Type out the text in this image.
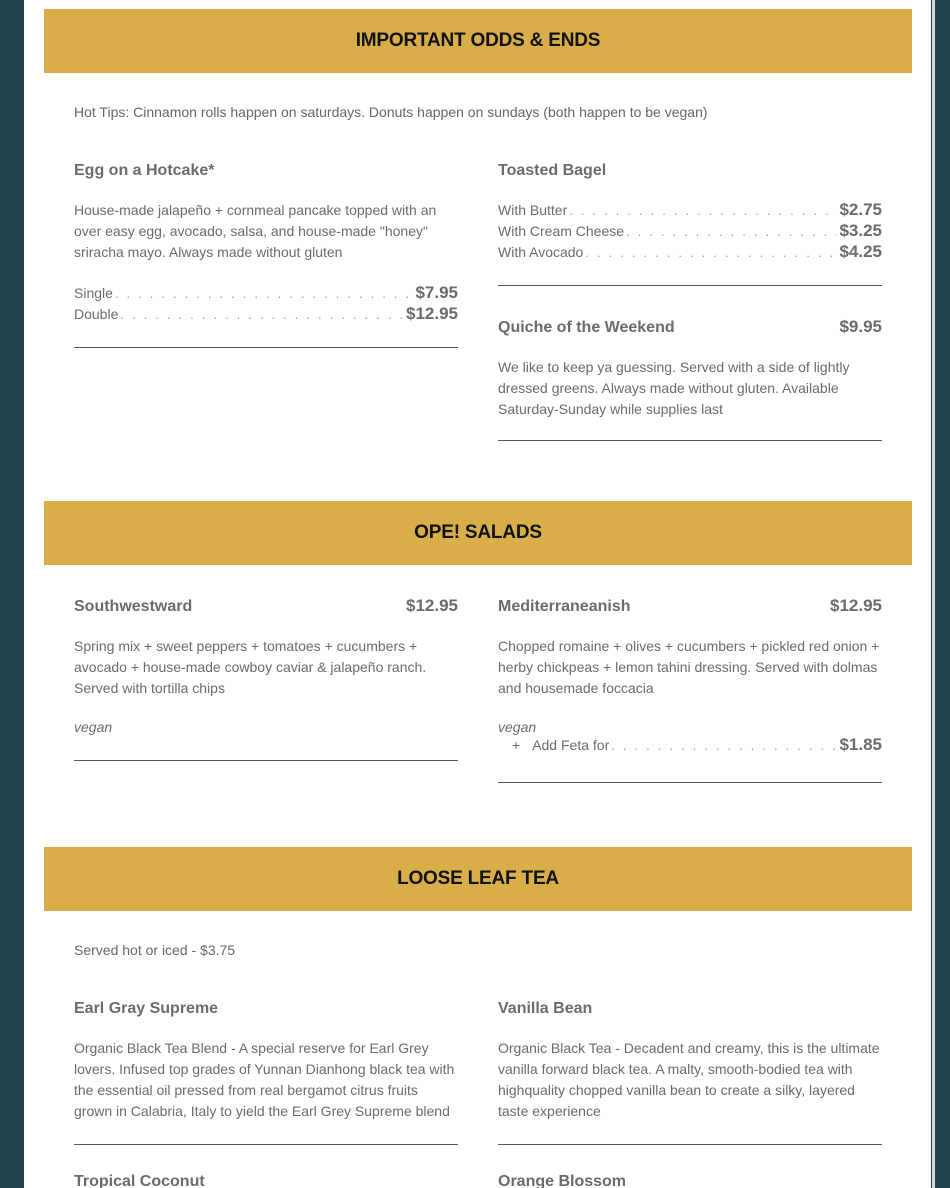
IMPORTANT ODDS & ENDS
Hot Tips: Cinnamon rolls happen on saturdays. Donuts happen on sundays (both happen to be vegan)
Egg on a Hotcake*
House-made jalapeño + cornmeal pancake topped with an over easy egg, avocado, salsa, and house-made "honey" sriracha mayo. Always made without gluten
Single . . .	$7.95
Double . . .	$12.95
Toasted Bagel
With Butter . . .	$2.75
With Cream Cheese . . .	$3.25
With Avocado . . .	$4.25
Quiche of the Weekend	$9.95
We like to keep ya guessing. Served with a side of lightly dressed greens. Always made without gluten. Available Saturday-Sunday while supplies last
OPE! SALADS
Southwestward	$12.95
Spring mix + sweet peppers + tomatoes + cucumbers + avocado + house-made cowboy caviar & jalapeño ranch. Served with tortilla chips
vegan
Mediterraneanish	$12.95
Chopped romaine + olives + cucumbers + pickled red onion + herby chickpeas + lemon tahini dressing. Served with dolmas and housemade foccacia
vegan
+ Add Feta for . . .	$1.85
LOOSE LEAF TEA
Served hot or iced - $3.75
Earl Gray Supreme
Organic Black Tea Blend - A special reserve for Earl Grey lovers. Infused top grades of Yunnan Dianhong black tea with the essential oil pressed from real bergamot citrus fruits grown in Calabria, Italy to yield the Earl Grey Supreme blend
Vanilla Bean
Organic Black Tea - Decadent and creamy, this is the ultimate vanilla forward black tea. A malty, smooth-bodied tea with highquality chopped vanilla bean to create a silky, layered taste experience
Tropical Coconut	Orange Blossom
